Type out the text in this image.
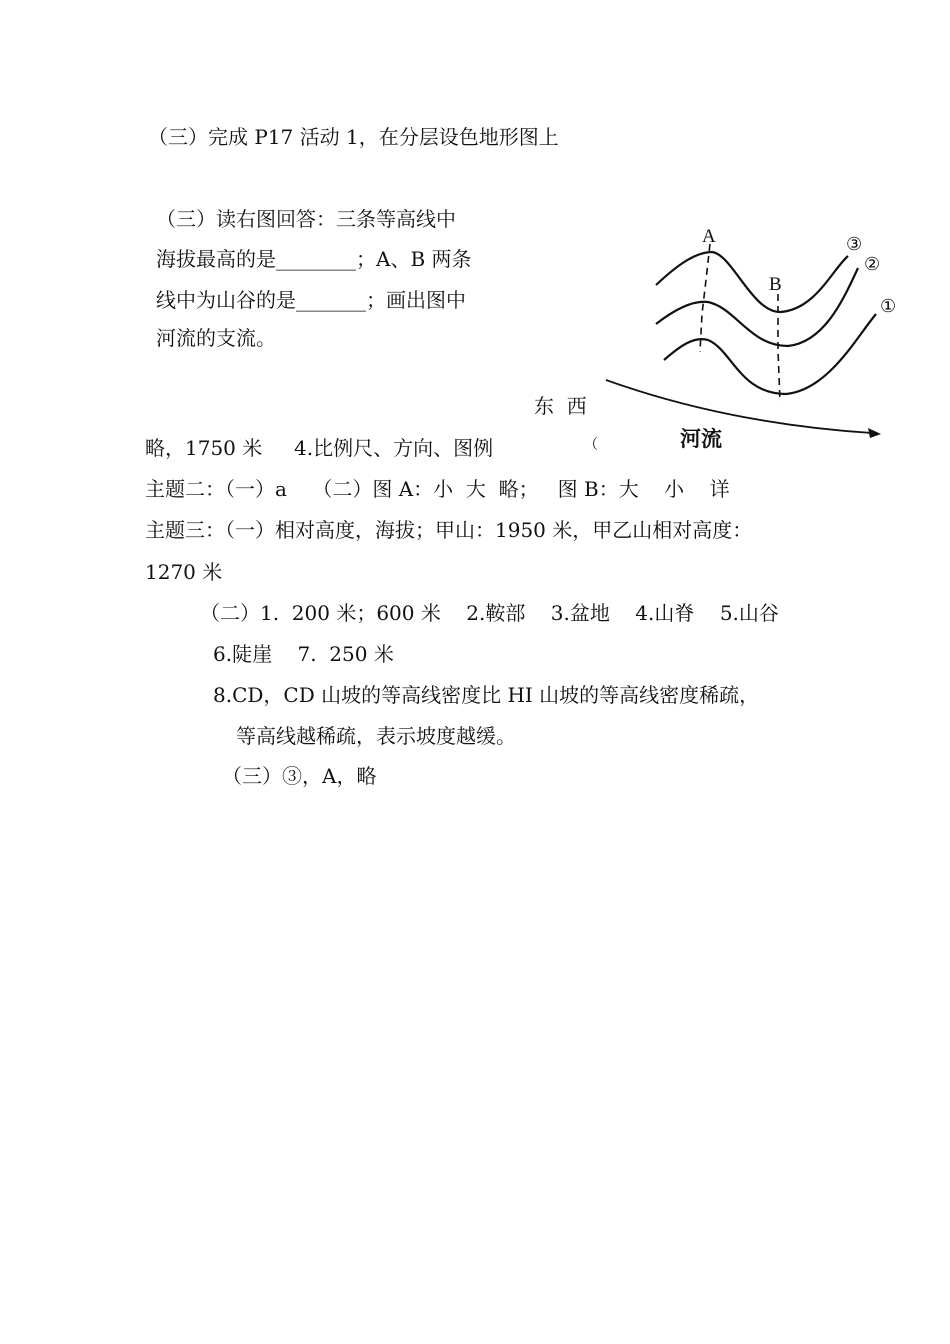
（三）完成 P17 活动 1，在分层设色地形图上
（三）读右图回答：三条等高线中
海拔最高的是________；A、B 两条
线中为山谷的是_______；画出图中
河流的支流。
东  西
（
A
B
③
②
①
河流
略，1750 米     4.比例尺、方向、图例
主题二：（一）a    （二）图 A：小  大  略；   图 B：大    小    详
主题三：（一）相对高度，海拔；甲山：1950 米，甲乙山相对高度：
1270 米
（二）1.  200 米；600 米    2.鞍部    3.盆地    4.山脊    5.山谷
6.陡崖    7.  250 米
8.CD，CD 山坡的等高线密度比 HI 山坡的等高线密度稀疏，
等高线越稀疏，表示坡度越缓。
（三）③，A，略
